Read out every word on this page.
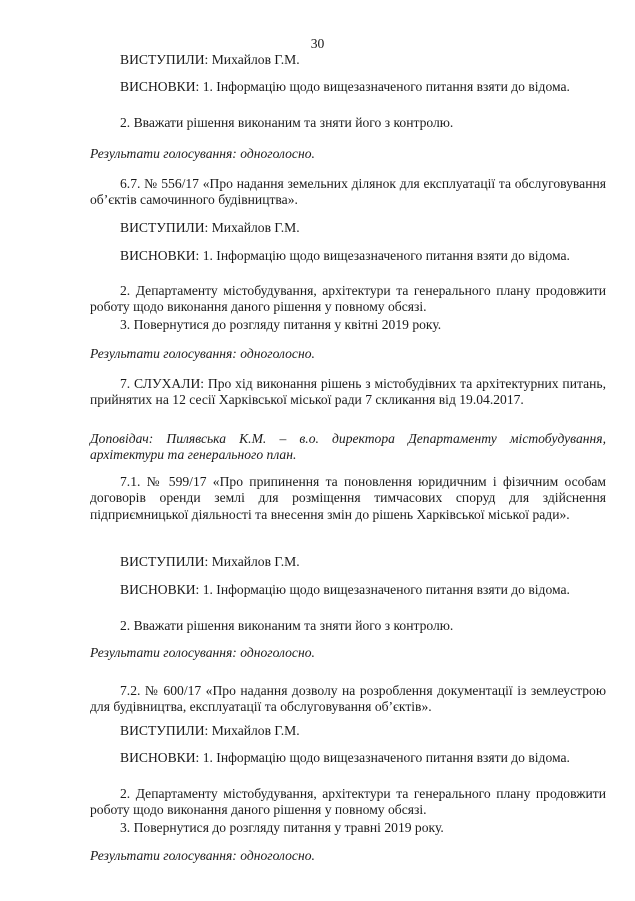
30

ВИСТУПИЛИ: Михайлов Г.М.

ВИСНОВКИ: 1. Інформацію щодо вищезазначеного питання взяти до відома.

2. Вважати рішення виконаним та зняти його з контролю.

Результати голосування: одноголосно.

6.7. № 556/17 «Про надання земельних ділянок для експлуатації та обслуговування об’єктів самочинного будівництва».

ВИСТУПИЛИ: Михайлов Г.М.

ВИСНОВКИ: 1. Інформацію щодо вищезазначеного питання взяти до відома.

2. Департаменту містобудування, архітектури та генерального плану продовжити роботу щодо виконання даного рішення у повному обсязі.

3. Повернутися до розгляду питання у квітні 2019 року.

Результати голосування: одноголосно.

7. СЛУХАЛИ: Про хід виконання рішень з містобудівних та архітектурних питань, прийнятих на 12 сесії Харківської міської ради 7 скликання від 19.04.2017.

Доповідач: Пилявська К.М. – в.о. директора Департаменту містобудування, архітектури та генерального план.

7.1. № 599/17 «Про припинення та поновлення юридичним і фізичним особам договорів оренди землі для розміщення тимчасових споруд для здійснення підприємницької діяльності та внесення змін до рішень Харківської міської ради».

ВИСТУПИЛИ: Михайлов Г.М.

ВИСНОВКИ: 1. Інформацію щодо вищезазначеного питання взяти до відома.

2. Вважати рішення виконаним та зняти його з контролю.

Результати голосування: одноголосно.

7.2. № 600/17 «Про надання дозволу на розроблення документації із землеустрою для будівництва, експлуатації та обслуговування об’єктів».

ВИСТУПИЛИ: Михайлов Г.М.

ВИСНОВКИ: 1. Інформацію щодо вищезазначеного питання взяти до відома.

2. Департаменту містобудування, архітектури та генерального плану продовжити роботу щодо виконання даного рішення у повному обсязі.

3. Повернутися до розгляду питання у травні 2019 року.

Результати голосування: одноголосно.
